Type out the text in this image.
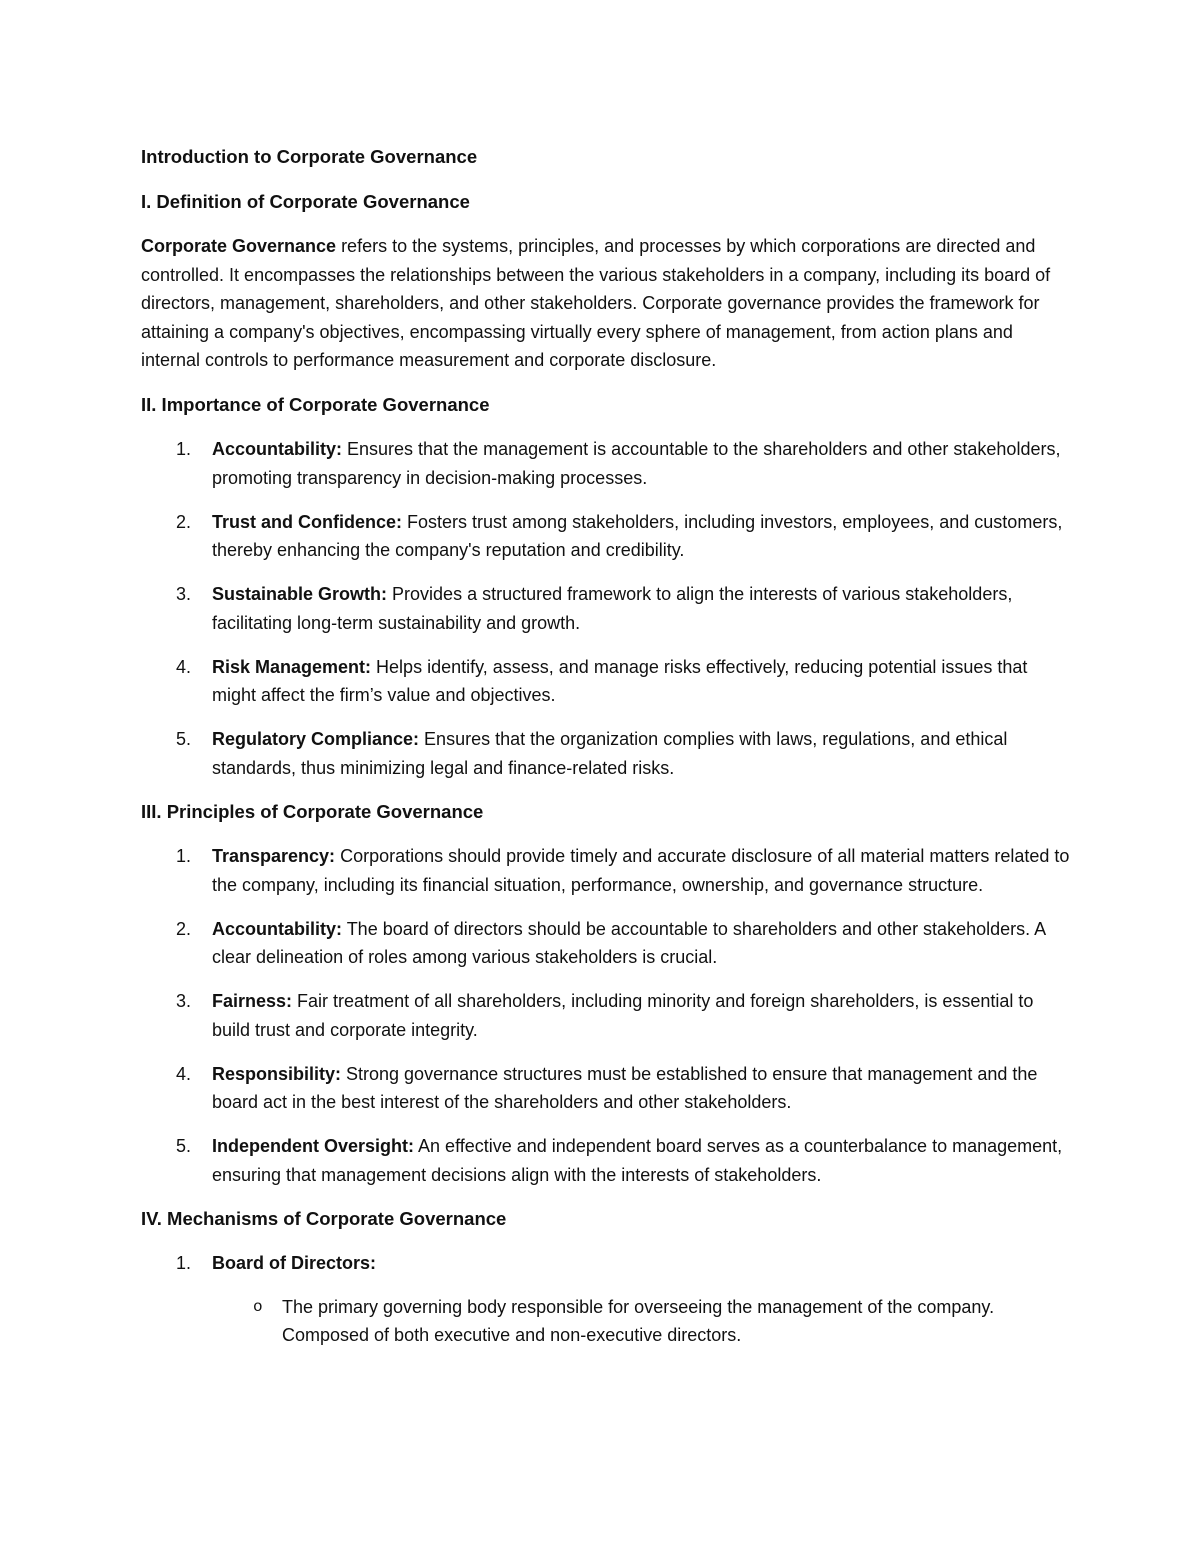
Introduction to Corporate Governance

I. Definition of Corporate Governance

Corporate Governance refers to the systems, principles, and processes by which corporations are directed and controlled. It encompasses the relationships between the various stakeholders in a company, including its board of directors, management, shareholders, and other stakeholders. Corporate governance provides the framework for attaining a company's objectives, encompassing virtually every sphere of management, from action plans and internal controls to performance measurement and corporate disclosure.

II. Importance of Corporate Governance

1. Accountability: Ensures that the management is accountable to the shareholders and other stakeholders, promoting transparency in decision-making processes.
2. Trust and Confidence: Fosters trust among stakeholders, including investors, employees, and customers, thereby enhancing the company's reputation and credibility.
3. Sustainable Growth: Provides a structured framework to align the interests of various stakeholders, facilitating long-term sustainability and growth.
4. Risk Management: Helps identify, assess, and manage risks effectively, reducing potential issues that might affect the firm’s value and objectives.
5. Regulatory Compliance: Ensures that the organization complies with laws, regulations, and ethical standards, thus minimizing legal and finance-related risks.

III. Principles of Corporate Governance

1. Transparency: Corporations should provide timely and accurate disclosure of all material matters related to the company, including its financial situation, performance, ownership, and governance structure.
2. Accountability: The board of directors should be accountable to shareholders and other stakeholders. A clear delineation of roles among various stakeholders is crucial.
3. Fairness: Fair treatment of all shareholders, including minority and foreign shareholders, is essential to build trust and corporate integrity.
4. Responsibility: Strong governance structures must be established to ensure that management and the board act in the best interest of the shareholders and other stakeholders.
5. Independent Oversight: An effective and independent board serves as a counterbalance to management, ensuring that management decisions align with the interests of stakeholders.

IV. Mechanisms of Corporate Governance

1. Board of Directors:
o The primary governing body responsible for overseeing the management of the company. Composed of both executive and non-executive directors.
